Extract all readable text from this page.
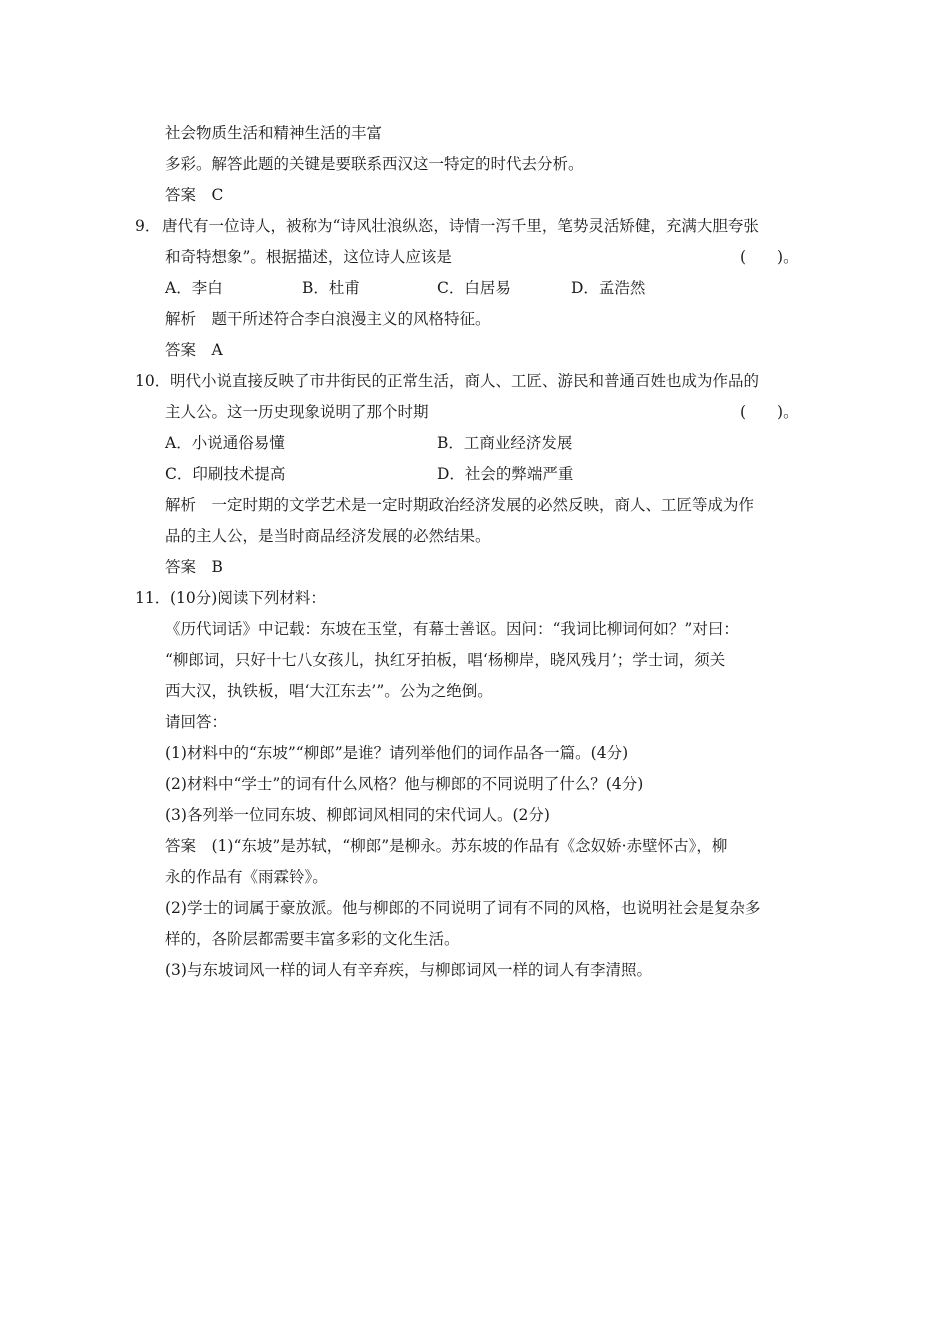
社会物质生活和精神生活的丰富
多彩。解答此题的关键是要联系西汉这一特定的时代去分析。
答案　C
9． 唐代有一位诗人，被称为“诗风壮浪纵恣，诗情一泻千里，笔势灵活矫健，充满大胆夸张
和奇特想象”。根据描述，这位诗人应该是	(　　)。
A．李白	B．杜甫	C．白居易	D．孟浩然
解析　题干所述符合李白浪漫主义的风格特征。
答案　A
10． 明代小说直接反映了市井街民的正常生活，商人、工匠、游民和普通百姓也成为作品的
主人公。这一历史现象说明了那个时期	(　　)。
A．小说通俗易懂	B．工商业经济发展
C．印刷技术提高	D．社会的弊端严重
解析　一定时期的文学艺术是一定时期政治经济发展的必然反映，商人、工匠等成为作
品的主人公，是当时商品经济发展的必然结果。
答案　B
11． (10分)阅读下列材料：
《历代词话》中记载：东坡在玉堂，有幕士善讴。因问：“我词比柳词何如？”对曰：
“柳郎词，只好十七八女孩儿，执红牙拍板，唱‘杨柳岸，晓风残月’；学士词，须关
西大汉，执铁板，唱‘大江东去’”。公为之绝倒。
请回答：
(1)材料中的“东坡”“柳郎”是谁？请列举他们的词作品各一篇。(4分)
(2)材料中“学士”的词有什么风格？他与柳郎的不同说明了什么？(4分)
(3)各列举一位同东坡、柳郎词风相同的宋代词人。(2分)
答案　(1)“东坡”是苏轼，“柳郎”是柳永。苏东坡的作品有《念奴娇·赤壁怀古》，柳
永的作品有《雨霖铃》。
(2)学士的词属于豪放派。他与柳郎的不同说明了词有不同的风格，也说明社会是复杂多
样的，各阶层都需要丰富多彩的文化生活。
(3)与东坡词风一样的词人有辛弃疾，与柳郎词风一样的词人有李清照。
